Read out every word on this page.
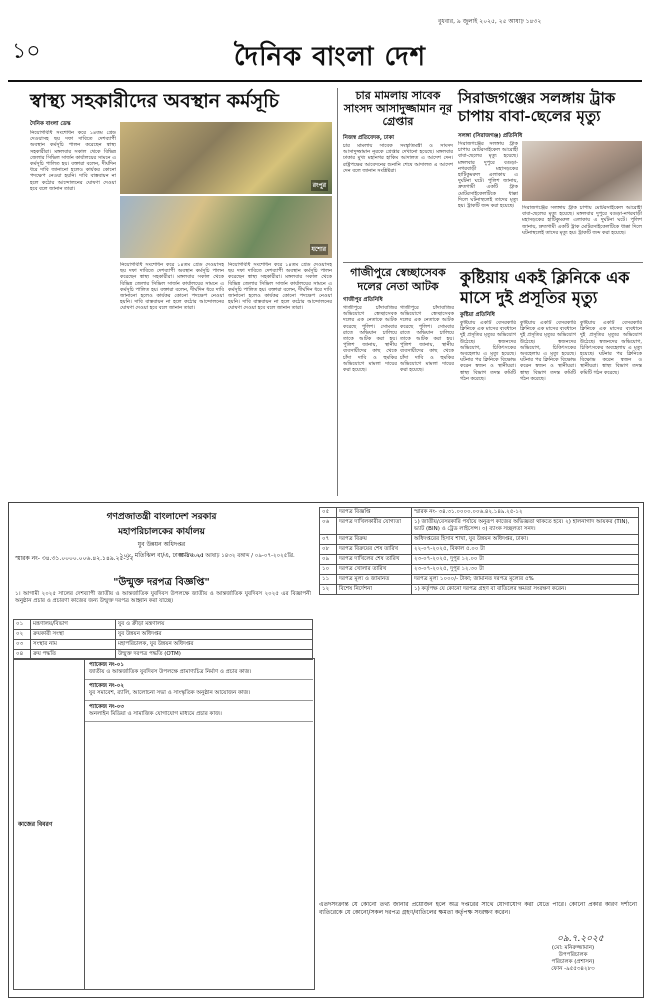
১০
বুধবার, ৯ জুলাই ২০২৫, ২৫ আষাঢ় ১৪৩২
দৈনিক বাংলা দেশ
স্বাস্থ্য সহকারীদের অবস্থান কর্মসূচি
দৈনিক বাংলা ডেস্ক
নিয়োগবিধি সংশোধন করে ১৪তম গ্রেড দেওয়াসহ ছয় দফা দাবিতে দেশব্যাপী অবস্থান কর্মসূচি পালন করেছেন স্বাস্থ্য সহকারীরা। মঙ্গলবার সকাল থেকে বিভিন্ন জেলার সিভিল সার্জন কার্যালয়ের সামনে এ কর্মসূচি পালিত হয়। বক্তারা বলেন, দীর্ঘদিন ধরে দাবি জানানো হলেও কার্যকর কোনো পদক্ষেপ নেওয়া হয়নি। দাবি বাস্তবায়ন না হলে কঠোর আন্দোলনের ঘোষণা দেওয়া হবে বলে জানান তারা।	রংপুর
যশোর
নিয়োগবিধি সংশোধন করে ১৪তম গ্রেড দেওয়াসহ ছয় দফা দাবিতে দেশব্যাপী অবস্থান কর্মসূচি পালন করেছেন স্বাস্থ্য সহকারীরা। মঙ্গলবার সকাল থেকে বিভিন্ন জেলার সিভিল সার্জন কার্যালয়ের সামনে এ কর্মসূচি পালিত হয়। বক্তারা বলেন, দীর্ঘদিন ধরে দাবি জানানো হলেও কার্যকর কোনো পদক্ষেপ নেওয়া হয়নি। দাবি বাস্তবায়ন না হলে কঠোর আন্দোলনের ঘোষণা দেওয়া হবে বলে জানান তারা।
নিয়োগবিধি সংশোধন করে ১৪তম গ্রেড দেওয়াসহ ছয় দফা দাবিতে দেশব্যাপী অবস্থান কর্মসূচি পালন করেছেন স্বাস্থ্য সহকারীরা। মঙ্গলবার সকাল থেকে বিভিন্ন জেলার সিভিল সার্জন কার্যালয়ের সামনে এ কর্মসূচি পালিত হয়। বক্তারা বলেন, দীর্ঘদিন ধরে দাবি জানানো হলেও কার্যকর কোনো পদক্ষেপ নেওয়া হয়নি। দাবি বাস্তবায়ন না হলে কঠোর আন্দোলনের ঘোষণা দেওয়া হবে বলে জানান তারা।
চার মামলায় সাবেক সাংসদ আসাদুজ্জামান নূর গ্রেপ্তার
নিজস্ব প্রতিবেদক, ঢাকা
চার মামলায় সাবেক সংস্কৃতিমন্ত্রী ও সাংসদ আসাদুজ্জামান নূরকে গ্রেপ্তার দেখানো হয়েছে। মঙ্গলবার ঢাকার মুখ্য মহানগর হাকিম আদালত এ আদেশ দেন। রাষ্ট্রপক্ষের আবেদনের শুনানি শেষে আদালত এ আদেশ দেন বলে জানান সংশ্লিষ্টরা।
সিরাজগঞ্জের সলঙ্গায় ট্রাক চাপায় বাবা-ছেলের মৃত্যু
সলঙ্গা (সিরাজগঞ্জ) প্রতিনিধি
সিরাজগঞ্জের সলঙ্গায় ট্রাক চাপায় মোটরসাইকেল আরোহী বাবা-ছেলের মৃত্যু হয়েছে। মঙ্গলবার দুপুরে বগুড়া-নগরবাড়ী মহাসড়কের হাটিকুমরুল এলাকায় এ দুর্ঘটনা ঘটে। পুলিশ জানায়, দ্রুতগামী একটি ট্রাক মোটরসাইকেলটিকে ধাক্কা দিলে ঘটনাস্থলেই তাদের মৃত্যু হয়। ট্রাকটি জব্দ করা হয়েছে।	সিরাজগঞ্জের সলঙ্গায় ট্রাক চাপায় মোটরসাইকেল আরোহী বাবা-ছেলের মৃত্যু হয়েছে। মঙ্গলবার দুপুরে বগুড়া-নগরবাড়ী মহাসড়কের হাটিকুমরুল এলাকায় এ দুর্ঘটনা ঘটে। পুলিশ জানায়, দ্রুতগামী একটি ট্রাক মোটরসাইকেলটিকে ধাক্কা দিলে ঘটনাস্থলেই তাদের মৃত্যু হয়। ট্রাকটি জব্দ করা হয়েছে।
গাজীপুরে স্বেচ্ছাসেবক দলের নেতা আটক
গাজীপুর প্রতিনিধি
গাজীপুরে চাঁদাবাজির অভিযোগে স্বেচ্ছাসেবক দলের এক নেতাকে আটক করেছে পুলিশ। সোমবার রাতে অভিযান চালিয়ে তাকে আটক করা হয়। পুলিশ জানায়, স্থানীয় ব্যবসায়ীদের কাছ থেকে চাঁদা দাবি ও হুমকির অভিযোগে মামলা দায়ের করা হয়েছে।
গাজীপুরে চাঁদাবাজির অভিযোগে স্বেচ্ছাসেবক দলের এক নেতাকে আটক করেছে পুলিশ। সোমবার রাতে অভিযান চালিয়ে তাকে আটক করা হয়। পুলিশ জানায়, স্থানীয় ব্যবসায়ীদের কাছ থেকে চাঁদা দাবি ও হুমকির অভিযোগে মামলা দায়ের করা হয়েছে।
কুষ্টিয়ায় একই ক্লিনিকে এক মাসে দুই প্রসূতির মৃত্যু
কুষ্টিয়া প্রতিনিধি
কুষ্টিয়ায় একটি বেসরকারি ক্লিনিকে এক মাসের ব্যবধানে দুই প্রসূতির মৃত্যুর অভিযোগ উঠেছে। স্বজনদের অভিযোগ, চিকিৎসকের অবহেলায় এ মৃত্যু হয়েছে। ঘটনার পর ক্লিনিকে বিক্ষোভ করেন স্বজন ও স্থানীয়রা। স্বাস্থ্য বিভাগ তদন্ত কমিটি গঠন করেছে।
কুষ্টিয়ায় একটি বেসরকারি ক্লিনিকে এক মাসের ব্যবধানে দুই প্রসূতির মৃত্যুর অভিযোগ উঠেছে। স্বজনদের অভিযোগ, চিকিৎসকের অবহেলায় এ মৃত্যু হয়েছে। ঘটনার পর ক্লিনিকে বিক্ষোভ করেন স্বজন ও স্থানীয়রা। স্বাস্থ্য বিভাগ তদন্ত কমিটি গঠন করেছে।
কুষ্টিয়ায় একটি বেসরকারি ক্লিনিকে এক মাসের ব্যবধানে দুই প্রসূতির মৃত্যুর অভিযোগ উঠেছে। স্বজনদের অভিযোগ, চিকিৎসকের অবহেলায় এ মৃত্যু হয়েছে। ঘটনার পর ক্লিনিকে বিক্ষোভ করেন স্বজন ও স্থানীয়রা। স্বাস্থ্য বিভাগ তদন্ত কমিটি গঠন করেছে।
গণপ্রজাতন্ত্রী বাংলাদেশ সরকার
মহাপরিচালকের কার্যালয়
যুব উন্নয়ন অধিদপ্তর
১০৮, মতিঝিল বা/এ, ঢাকা-১০০০।
স্মারক নং- ৩৪.৩১.০০০০.০০৬.৪২.১৪৯.২৫-১২	তারিখ: ২৫ আষাঢ় ১৪৩২ বঙ্গাব্দ / ০৯-০৭-২০২৫খ্রি.
"উন্মুক্ত দরপত্র বিজ্ঞপ্তি"
১। আগামী ২০২৫ সালের দেশব্যাপী জাতীয় ও আন্তর্জাতিক যুবদিবস উপলক্ষে জাতীয় ও আন্তর্জাতিক যুবদিবস ২০২৫ এর বিজ্ঞাপনী অনুষ্ঠান প্রচার ও প্রচারণা কাজের জন্য উন্মুক্ত দরপত্র আহ্বান করা যাচ্ছে।
০১	মন্ত্রণালয়/বিভাগ	যুব ও ক্রীড়া মন্ত্রণালয়
০২	ক্রয়কারী সংস্থা	যুব উন্নয়ন অধিদপ্তর
০৩	সংস্থার নাম	মহাপরিচালক, যুব উন্নয়ন অধিদপ্তর
০৪	ক্রয় পদ্ধতি	উন্মুক্ত দরপত্র পদ্ধতি (OTM)
কাজের বিবরণ
প্যাকেজ নং-০১
জাতীয় ও আন্তর্জাতিক যুবদিবস উপলক্ষে প্রামাণ্যচিত্র নির্মাণ ও প্রচার কাজ।
প্যাকেজ নং-০২
যুব সমাবেশ, র‍্যালি, আলোচনা সভা ও সাংস্কৃতিক অনুষ্ঠান আয়োজন কাজ।
প্যাকেজ নং-০৩
অনলাইন মিডিয়া ও সামাজিক যোগাযোগ মাধ্যমে প্রচার কাজ।
০৫	দরপত্র বিজ্ঞপ্তি	স্মারক নং- ৩৪.৩১.০০০০.০০৬.৪২.১৪৯.২৫-১২
০৬	দরপত্র দাখিলকারীর যোগ্যতা	১) জাতীয়/বেসরকারি পর্যায়ে অনুরূপ কাজের অভিজ্ঞতা থাকতে হবে। ২) হালনাগাদ আয়কর (TIN), ভ্যাট (BIN) ও ট্রেড লাইসেন্স। ৩) ব্যাংক সচ্ছলতা সনদ।
০৭	দরপত্র বিক্রয়	অধিদপ্তরের হিসাব শাখা, যুব উন্নয়ন অধিদপ্তর, ঢাকা।
০৮	দরপত্র বিক্রয়ের শেষ তারিখ	২২-০৭-২০২৫, বিকাল ৫.০০ টা
০৯	দরপত্র দাখিলের শেষ তারিখ	২৩-০৭-২০২৫, দুপুর ১২.০০ টা
১০	দরপত্র খোলার তারিখ	২৩-০৭-২০২৫, দুপুর ১২.৩০ টা
১১	দরপত্র মূল্য ও জামানত	দরপত্র মূল্য ১০০০/- টাকা; জামানত দরপত্র মূল্যের ৫%
১২	বিশেষ নির্দেশনা	১) কর্তৃপক্ষ যে কোনো দরপত্র গ্রহণ বা বাতিলের ক্ষমতা সংরক্ষণ করেন।
এতদসংক্রান্ত যে কোনো তথ্য জানার প্রয়োজন হলে অত্র দপ্তরের সাথে যোগাযোগ করা যেতে পারে। কোনো প্রকার কারণ দর্শানো ব্যতিরেকে যে কোনো/সকল দরপত্র গ্রহণ/বাতিলের ক্ষমতা কর্তৃপক্ষ সংরক্ষণ করেন।
০৯.৭.২০২৫
(মো: মনিরুজ্জামান)
উপপরিচালক
পরিচালক (প্রশাসন)
ফোন -৯৫৫৩৪২৮৩
